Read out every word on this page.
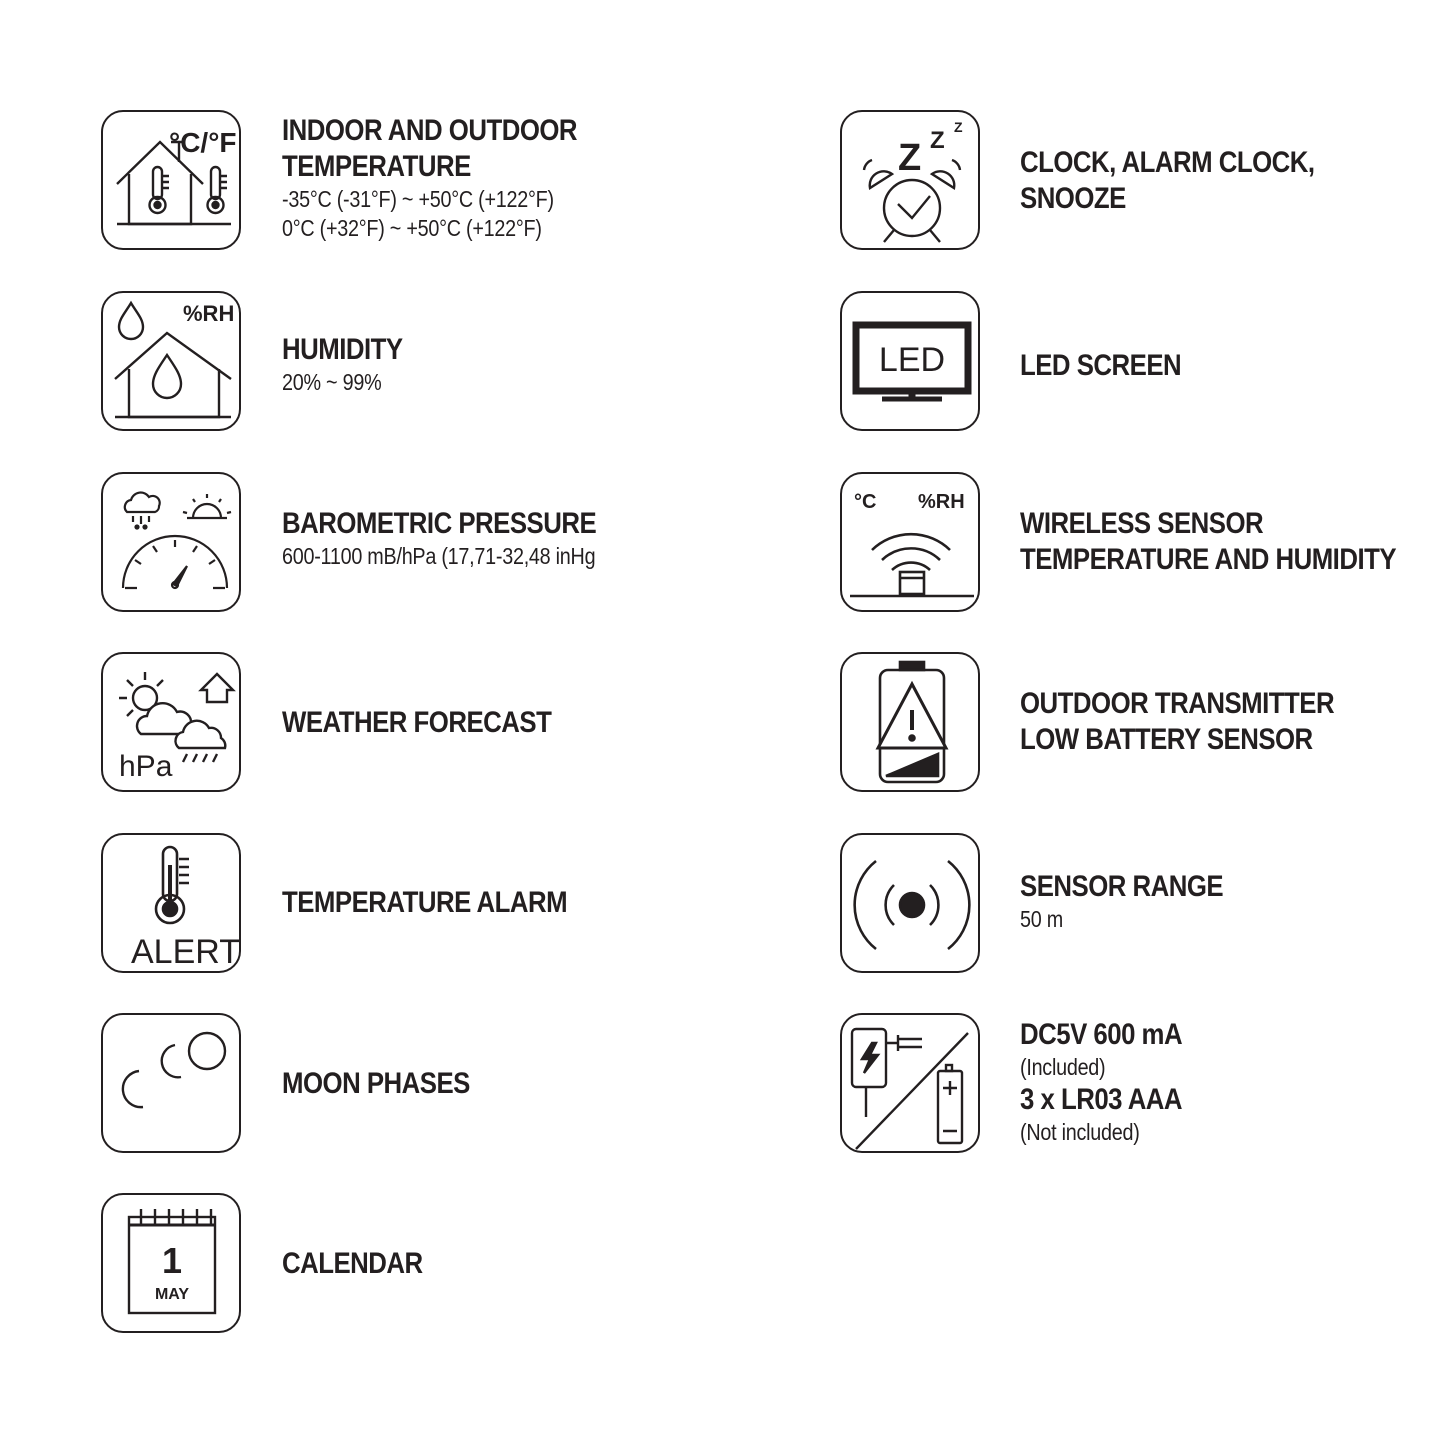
°C/°F INDOOR AND OUTDOOR
TEMPERATURE
-35°C (-31°F) ~ +50°C (+122°F)
0°C (+32°F) ~ +50°C (+122°F)
%RH
HUMIDITY
20% ~ 99%
BAROMETRIC PRESSURE
600-1100 mB/hPa (17,71-32,48 inHg
hPa
WEATHER FORECAST
ALERT
TEMPERATURE ALARM
MOON PHASES
1
MAY
CALENDAR
Z Z Z
CLOCK, ALARM CLOCK,
SNOOZE
LED LED SCREEN
°C %RH
WIRELESS SENSOR
TEMPERATURE AND HUMIDITY
OUTDOOR TRANSMITTER
LOW BATTERY SENSOR
SENSOR RANGE
50 m
DC5V 600 mA
(Included)
3 x LR03 AAA
(Not included)
